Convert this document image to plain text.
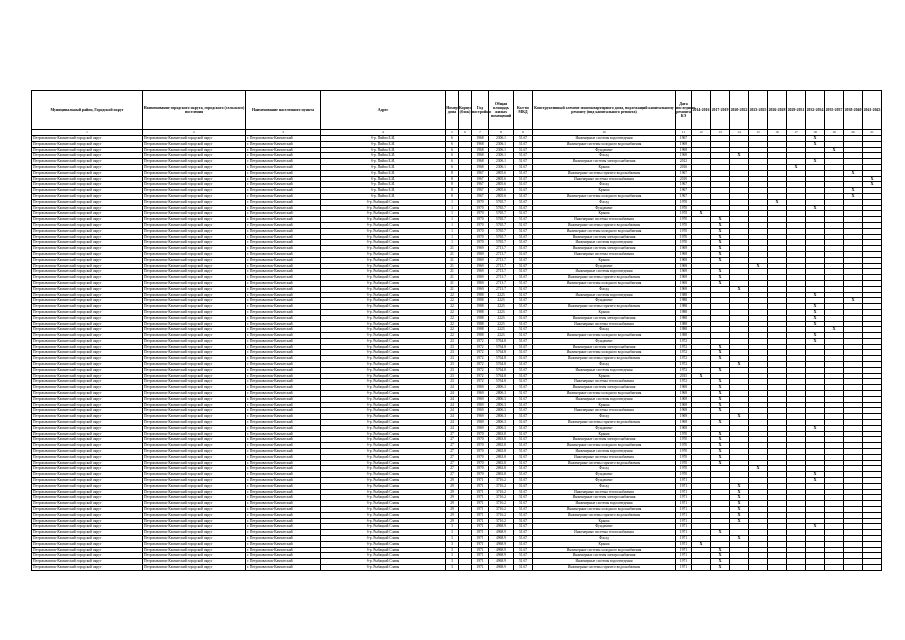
Муниципальный район, Городской округ	Наименование городского округа, городского (сельского) поселения	Наименование населенного пункта	Адрес	Номер дома	Корпус (блок)	Год постройки	Общая площадь жилых помещений	Кол-во МКД	Конструктивный элемент многоквартирного дома, подлежащий капитальному ремонту (вид капитального ремонта)	Дата последнего ремонта КЭ	2014-2016	2017-2019	2020-2022	2023-2025	2026-2028	2029-2031	2032-2034	2035-2037	2038-2040	2041-2043
1	2	3	4	5	6	7	8	9	10	11	12	13	14	15	16	17	18	19	20	21
Петропавловск-Камчатский городской округ	Петропавловск-Камчатский городской округ	г. Петропавловск-Камчатский	б-р. Пийпа Б.И.	6		1968	2306.1	51.67	Инженерные системы водоотведения	1967							X			
Петропавловск-Камчатский городской округ	Петропавловск-Камчатский городской округ	г. Петропавловск-Камчатский	б-р. Пийпа Б.И.	6		1968	2306.1	51.67	Инженерные системы холодного водоснабжения	1969							X			
Петропавловск-Камчатский городской округ	Петропавловск-Камчатский городской округ	г. Петропавловск-Камчатский	б-р. Пийпа Б.И.	6		1968	2306.1	51.67	Фундамент	1969								X		
Петропавловск-Камчатский городской округ	Петропавловск-Камчатский городской округ	г. Петропавловск-Камчатский	б-р. Пийпа Б.И.	6		1968	2306.1	51.67	Фасад	1969			X							
Петропавловск-Камчатский городской округ	Петропавловск-Камчатский городской округ	г. Петропавловск-Камчатский	б-р. Пийпа Б.И.	6		1968	2306.1	51.67	Инженерные системы электроснабжения	2012							X			
Петропавловск-Камчатский городской округ	Петропавловск-Камчатский городской округ	г. Петропавловск-Камчатский	б-р. Пийпа Б.И.	6		1968	2306.1	51.67	Крыша	2016						X				
Петропавловск-Камчатский городской округ	Петропавловск-Камчатский городской округ	г. Петропавловск-Камчатский	б-р. Пийпа Б.И.	8		1967	2805.6	51.67	Инженерные системы горячего водоснабжения	1967									X	
Петропавловск-Камчатский городской округ	Петропавловск-Камчатский городской округ	г. Петропавловск-Камчатский	б-р. Пийпа Б.И.	8		1967	2805.6	51.67	Инженерные системы теплоснабжения	2010										X
Петропавловск-Камчатский городской округ	Петропавловск-Камчатский городской округ	г. Петропавловск-Камчатский	б-р. Пийпа Б.И.	8		1967	2805.6	51.67	Фасад	1967										X
Петропавловск-Камчатский городской округ	Петропавловск-Камчатский городской округ	г. Петропавловск-Камчатский	б-р. Пийпа Б.И.	8		1967	2805.6	51.67	Крыша	1967									X	
Петропавловск-Камчатский городской округ	Петропавловск-Камчатский городской округ	г. Петропавловск-Камчатский	б-р. Пийпа Б.И.	8		1967	2805.6	51.67	Инженерные системы холодного водоснабжения	1967									X	
Петропавловск-Камчатский городской округ	Петропавловск-Камчатский городской округ	г. Петропавловск-Камчатский	б-р. Рыбацкой Славы	1		1970	5765.7	51.67	Фасад	1970					X					
Петропавловск-Камчатский городской округ	Петропавловск-Камчатский городской округ	г. Петропавловск-Камчатский	б-р. Рыбацкой Славы	1		1970	5765.7	51.67	Фундамент	1970							X			
Петропавловск-Камчатский городской округ	Петропавловск-Камчатский городской округ	г. Петропавловск-Камчатский	б-р. Рыбацкой Славы	1		1970	5765.7	51.67	Крыша	1970	X									
Петропавловск-Камчатский городской округ	Петропавловск-Камчатский городской округ	г. Петропавловск-Камчатский	б-р. Рыбацкой Славы	1		1970	5765.7	51.67	Инженерные системы теплоснабжения	1970		X								
Петропавловск-Камчатский городской округ	Петропавловск-Камчатский городской округ	г. Петропавловск-Камчатский	б-р. Рыбацкой Славы	1		1970	5765.7	51.67	Инженерные системы горячего водоснабжения	1970		X								
Петропавловск-Камчатский городской округ	Петропавловск-Камчатский городской округ	г. Петропавловск-Камчатский	б-р. Рыбацкой Славы	1		1970	5765.7	51.67	Инженерные системы холодного водоснабжения	1970		X								
Петропавловск-Камчатский городской округ	Петропавловск-Камчатский городской округ	г. Петропавловск-Камчатский	б-р. Рыбацкой Славы	1		1970	5765.7	51.67	Инженерные системы электроснабжения	1970		X								
Петропавловск-Камчатский городской округ	Петропавловск-Камчатский городской округ	г. Петропавловск-Камчатский	б-р. Рыбацкой Славы	1		1970	5765.7	51.67	Инженерные системы водоотведения	1970		X								
Петропавловск-Камчатский городской округ	Петропавловск-Камчатский городской округ	г. Петропавловск-Камчатский	б-р. Рыбацкой Славы	21		1969	2713.7	51.67	Инженерные системы электроснабжения	1969		X								
Петропавловск-Камчатский городской округ	Петропавловск-Камчатский городской округ	г. Петропавловск-Камчатский	б-р. Рыбацкой Славы	21		1969	2713.7	51.67	Инженерные системы теплоснабжения	1969		X								
Петропавловск-Камчатский городской округ	Петропавловск-Камчатский городской округ	г. Петропавловск-Камчатский	б-р. Рыбацкой Славы	21		1969	2713.7	51.67	Крыша	1969		X								
Петропавловск-Камчатский городской округ	Петропавловск-Камчатский городской округ	г. Петропавловск-Камчатский	б-р. Рыбацкой Славы	21		1969	2713.7	51.67	Фундамент	1969				X						
Петропавловск-Камчатский городской округ	Петропавловск-Камчатский городской округ	г. Петропавловск-Камчатский	б-р. Рыбацкой Славы	21		1969	2713.7	51.67	Инженерные системы водоотведения	1969		X								
Петропавловск-Камчатский городской округ	Петропавловск-Камчатский городской округ	г. Петропавловск-Камчатский	б-р. Рыбацкой Славы	21		1969	2713.7	51.67	Инженерные системы горячего водоснабжения	1969		X								
Петропавловск-Камчатский городской округ	Петропавловск-Камчатский городской округ	г. Петропавловск-Камчатский	б-р. Рыбацкой Славы	21		1969	2713.7	51.67	Инженерные системы холодного водоснабжения	1969		X								
Петропавловск-Камчатский городской округ	Петропавловск-Камчатский городской округ	г. Петропавловск-Камчатский	б-р. Рыбацкой Славы	21		1969	2713.7	51.67	Фасад	1969			X							
Петропавловск-Камчатский городской округ	Петропавловск-Камчатский городской округ	г. Петропавловск-Камчатский	б-р. Рыбацкой Славы	22		1988	2223	51.67	Инженерные системы водоотведения	1988							X			
Петропавловск-Камчатский городской округ	Петропавловск-Камчатский городской округ	г. Петропавловск-Камчатский	б-р. Рыбацкой Славы	22		1988	2223	51.67	Фундамент	1988									X	
Петропавловск-Камчатский городской округ	Петропавловск-Камчатский городской округ	г. Петропавловск-Камчатский	б-р. Рыбацкой Славы	22		1988	2223	51.67	Инженерные системы горячего водоснабжения	1988							X			
Петропавловск-Камчатский городской округ	Петропавловск-Камчатский городской округ	г. Петропавловск-Камчатский	б-р. Рыбацкой Славы	22		1988	2223	51.67	Крыша	1988							X			
Петропавловск-Камчатский городской округ	Петропавловск-Камчатский городской округ	г. Петропавловск-Камчатский	б-р. Рыбацкой Славы	22		1988	2223	51.67	Инженерные системы электроснабжения	1988							X			
Петропавловск-Камчатский городской округ	Петропавловск-Камчатский городской округ	г. Петропавловск-Камчатский	б-р. Рыбацкой Славы	22		1988	2223	51.67	Инженерные системы теплоснабжения	1988							X			
Петропавловск-Камчатский городской округ	Петропавловск-Камчатский городской округ	г. Петропавловск-Камчатский	б-р. Рыбацкой Славы	22		1988	2223	51.67	Фасад	1988								X		
Петропавловск-Камчатский городской округ	Петропавловск-Камчатский городской округ	г. Петропавловск-Камчатский	б-р. Рыбацкой Славы	22		1988	2223	51.67	Инженерные системы холодного водоснабжения	1988							X			
Петропавловск-Камчатский городской округ	Петропавловск-Камчатский городской округ	г. Петропавловск-Камчатский	б-р. Рыбацкой Славы	23		1972	5764.8	51.67	Фундамент	1972							X			
Петропавловск-Камчатский городской округ	Петропавловск-Камчатский городской округ	г. Петропавловск-Камчатский	б-р. Рыбацкой Славы	23		1972	5764.8	51.67	Инженерные системы электроснабжения	1972		X								
Петропавловск-Камчатский городской округ	Петропавловск-Камчатский городской округ	г. Петропавловск-Камчатский	б-р. Рыбацкой Славы	23		1972	5764.8	51.67	Инженерные системы холодного водоснабжения	1972		X								
Петропавловск-Камчатский городской округ	Петропавловск-Камчатский городской округ	г. Петропавловск-Камчатский	б-р. Рыбацкой Славы	23		1972	5764.8	51.67	Инженерные системы горячего водоснабжения	1972		X								
Петропавловск-Камчатский городской округ	Петропавловск-Камчатский городской округ	г. Петропавловск-Камчатский	б-р. Рыбацкой Славы	23		1972	5764.8	51.67	Фасад	1972			X							
Петропавловск-Камчатский городской округ	Петропавловск-Камчатский городской округ	г. Петропавловск-Камчатский	б-р. Рыбацкой Славы	23		1972	5764.8	51.67	Инженерные системы водоотведения	1972		X								
Петропавловск-Камчатский городской округ	Петропавловск-Камчатский городской округ	г. Петропавловск-Камчатский	б-р. Рыбацкой Славы	23		1972	5764.8	51.67	Крыша	2015	X									
Петропавловск-Камчатский городской округ	Петропавловск-Камчатский городской округ	г. Петропавловск-Камчатский	б-р. Рыбацкой Славы	23		1972	5764.8	51.67	Инженерные системы теплоснабжения	1972		X								
Петропавловск-Камчатский городской округ	Петропавловск-Камчатский городской округ	г. Петропавловск-Камчатский	б-р. Рыбацкой Славы	24		1969	2806.3	51.67	Инженерные системы электроснабжения	1969		X								
Петропавловск-Камчатский городской округ	Петропавловск-Камчатский городской округ	г. Петропавловск-Камчатский	б-р. Рыбацкой Славы	24		1969	2806.3	51.67	Инженерные системы холодного водоснабжения	1969		X								
Петропавловск-Камчатский городской округ	Петропавловск-Камчатский городской округ	г. Петропавловск-Камчатский	б-р. Рыбацкой Славы	24		1969	2806.3	51.67	Инженерные системы водоотведения	1969		X								
Петропавловск-Камчатский городской округ	Петропавловск-Камчатский городской округ	г. Петропавловск-Камчатский	б-р. Рыбацкой Славы	24		1969	2806.3	51.67	Крыша	1969		X								
Петропавловск-Камчатский городской округ	Петропавловск-Камчатский городской округ	г. Петропавловск-Камчатский	б-р. Рыбацкой Славы	24		1969	2806.3	51.67	Инженерные системы теплоснабжения	1969		X								
Петропавловск-Камчатский городской округ	Петропавловск-Камчатский городской округ	г. Петропавловск-Камчатский	б-р. Рыбацкой Славы	24		1969	2806.3	51.67	Фасад	1969			X							
Петропавловск-Камчатский городской округ	Петропавловск-Камчатский городской округ	г. Петропавловск-Камчатский	б-р. Рыбацкой Славы	24		1969	2806.3	51.67	Инженерные системы горячего водоснабжения	1969		X								
Петропавловск-Камчатский городской округ	Петропавловск-Камчатский городской округ	г. Петропавловск-Камчатский	б-р. Рыбацкой Славы	24		1969	2806.3	51.67	Фундамент	1969							X			
Петропавловск-Камчатский городской округ	Петропавловск-Камчатский городской округ	г. Петропавловск-Камчатский	б-р. Рыбацкой Славы	27		1970	2863.8	51.67	Крыша	1970		X								
Петропавловск-Камчатский городской округ	Петропавловск-Камчатский городской округ	г. Петропавловск-Камчатский	б-р. Рыбацкой Славы	27		1970	2863.8	51.67	Инженерные системы электроснабжения	1970		X								
Петропавловск-Камчатский городской округ	Петропавловск-Камчатский городской округ	г. Петропавловск-Камчатский	б-р. Рыбацкой Славы	27		1970	2863.8	51.67	Инженерные системы холодного водоснабжения	1970		X								
Петропавловск-Камчатский городской округ	Петропавловск-Камчатский городской округ	г. Петропавловск-Камчатский	б-р. Рыбацкой Славы	27		1970	2863.8	51.67	Инженерные системы водоотведения	1970		X								
Петропавловск-Камчатский городской округ	Петропавловск-Камчатский городской округ	г. Петропавловск-Камчатский	б-р. Рыбацкой Славы	27		1970	2863.8	51.67	Инженерные системы теплоснабжения	1970		X								
Петропавловск-Камчатский городской округ	Петропавловск-Камчатский городской округ	г. Петропавловск-Камчатский	б-р. Рыбацкой Славы	27		1970	2863.8	51.67	Инженерные системы горячего водоснабжения	1970		X								
Петропавловск-Камчатский городской округ	Петропавловск-Камчатский городской округ	г. Петропавловск-Камчатский	б-р. Рыбацкой Славы	27		1970	2863.8	51.67	Фасад	1970				X						
Петропавловск-Камчатский городской округ	Петропавловск-Камчатский городской округ	г. Петропавловск-Камчатский	б-р. Рыбацкой Славы	27		1970	2863.8	51.67	Фундамент	1970							X			
Петропавловск-Камчатский городской округ	Петропавловск-Камчатский городской округ	г. Петропавловск-Камчатский	б-р. Рыбацкой Славы	29		1971	3716.2	51.67	Фундамент	1971							X			
Петропавловск-Камчатский городской округ	Петропавловск-Камчатский городской округ	г. Петропавловск-Камчатский	б-р. Рыбацкой Славы	29		1971	3716.2	51.67	Фасад	1971			X							
Петропавловск-Камчатский городской округ	Петропавловск-Камчатский городской округ	г. Петропавловск-Камчатский	б-р. Рыбацкой Славы	29		1971	3716.2	51.67	Инженерные системы теплоснабжения	1971			X							
Петропавловск-Камчатский городской округ	Петропавловск-Камчатский городской округ	г. Петропавловск-Камчатский	б-р. Рыбацкой Славы	29		1971	3716.2	51.67	Инженерные системы электроснабжения	1971			X							
Петропавловск-Камчатский городской округ	Петропавловск-Камчатский городской округ	г. Петропавловск-Камчатский	б-р. Рыбацкой Славы	29		1971	3716.2	51.67	Инженерные системы водоотведения	1971			X							
Петропавловск-Камчатский городской округ	Петропавловск-Камчатский городской округ	г. Петропавловск-Камчатский	б-р. Рыбацкой Славы	29		1971	3716.2	51.67	Инженерные системы холодного водоснабжения	1971			X							
Петропавловск-Камчатский городской округ	Петропавловск-Камчатский городской округ	г. Петропавловск-Камчатский	б-р. Рыбацкой Славы	29		1971	3716.2	51.67	Инженерные системы горячего водоснабжения	1971			X							
Петропавловск-Камчатский городской округ	Петропавловск-Камчатский городской округ	г. Петропавловск-Камчатский	б-р. Рыбацкой Славы	29		1971	3716.2	51.67	Крыша	1971			X							
Петропавловск-Камчатский городской округ	Петропавловск-Камчатский городской округ	г. Петропавловск-Камчатский	б-р. Рыбацкой Славы	3		1971	4968.9	51.67	Фундамент	1971							X			
Петропавловск-Камчатский городской округ	Петропавловск-Камчатский городской округ	г. Петропавловск-Камчатский	б-р. Рыбацкой Славы	3		1971	4968.9	51.67	Инженерные системы теплоснабжения	1971		X								
Петропавловск-Камчатский городской округ	Петропавловск-Камчатский городской округ	г. Петропавловск-Камчатский	б-р. Рыбацкой Славы	3		1971	4968.9	51.67	Фасад	1971			X							
Петропавловск-Камчатский городской округ	Петропавловск-Камчатский городской округ	г. Петропавловск-Камчатский	б-р. Рыбацкой Славы	3		1971	4968.9	51.67	Крыша	1971	X									
Петропавловск-Камчатский городской округ	Петропавловск-Камчатский городской округ	г. Петропавловск-Камчатский	б-р. Рыбацкой Славы	3		1971	4968.9	51.67	Инженерные системы холодного водоснабжения	1971		X								
Петропавловск-Камчатский городской округ	Петропавловск-Камчатский городской округ	г. Петропавловск-Камчатский	б-р. Рыбацкой Славы	3		1971	4968.9	51.67	Инженерные системы электроснабжения	1971		X								
Петропавловск-Камчатский городской округ	Петропавловск-Камчатский городской округ	г. Петропавловск-Камчатский	б-р. Рыбацкой Славы	3		1971	4968.9	51.67	Инженерные системы водоотведения	1971		X								
Петропавловск-Камчатский городской округ	Петропавловск-Камчатский городской округ	г. Петропавловск-Камчатский	б-р. Рыбацкой Славы	3		1971	4968.9	51.67	Инженерные системы горячего водоснабжения	1971		X								
